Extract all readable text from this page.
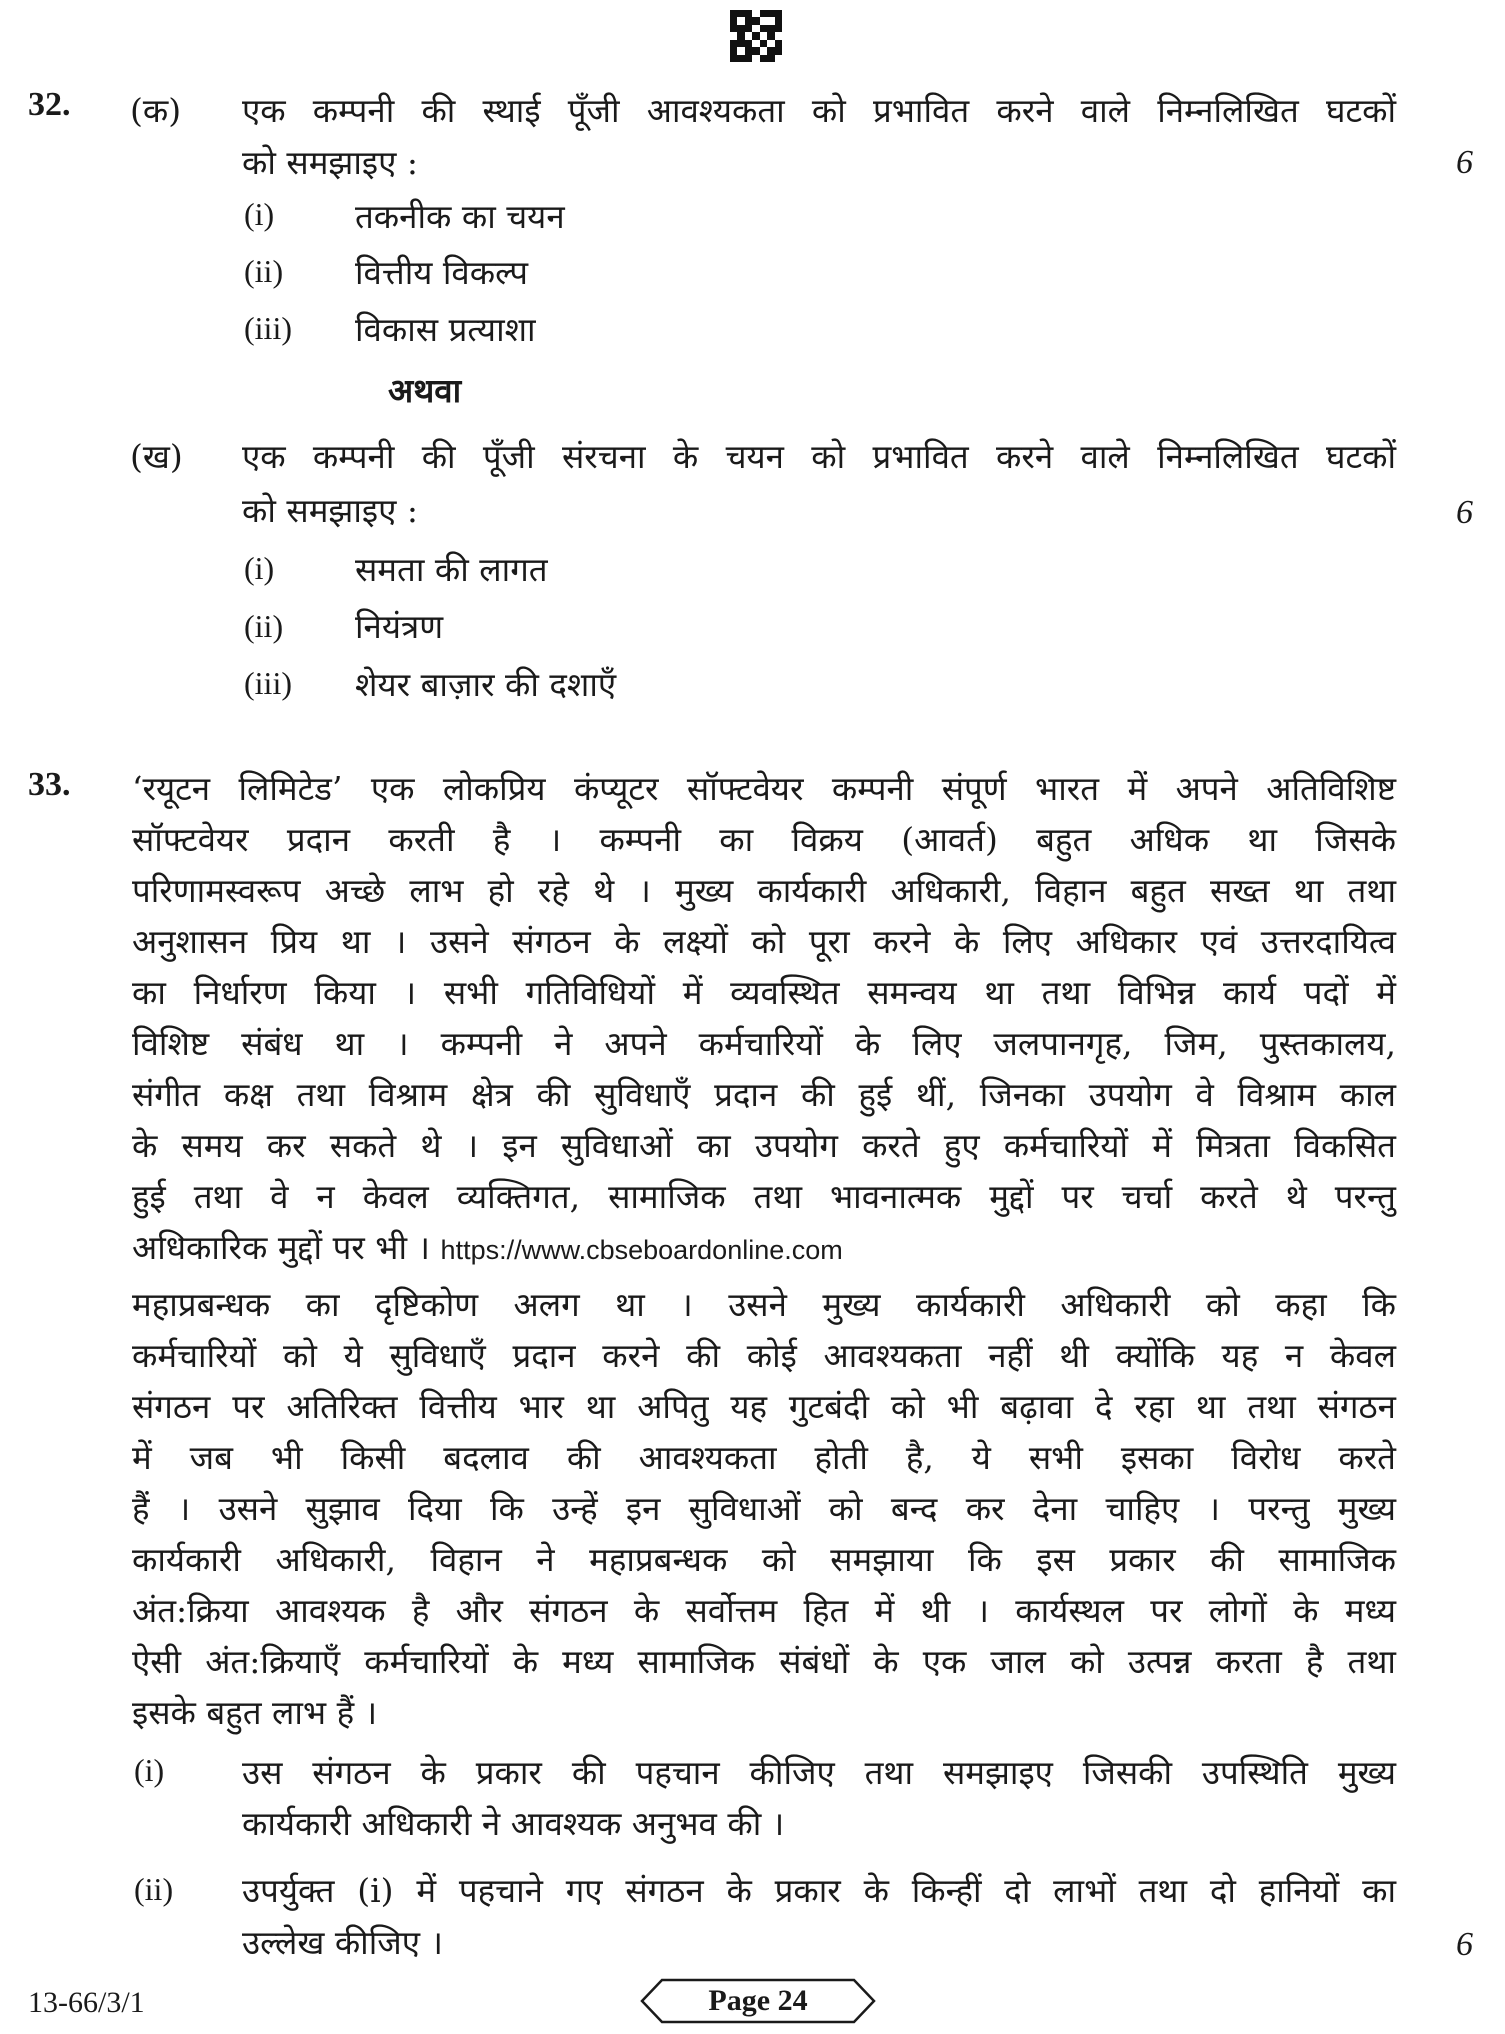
32. (क) एक कम्पनी की स्थाई पूँजी आवश्यकता को प्रभावित करने वाले निम्नलिखित घटकों
को समझाइए :	6
(i) तकनीक का चयन
(ii) वित्तीय विकल्प
(iii) विकास प्रत्याशा
अथवा
(ख) एक कम्पनी की पूँजी संरचना के चयन को प्रभावित करने वाले निम्नलिखित घटकों
को समझाइए :	6
(i) समता की लागत
(ii) नियंत्रण
(iii) शेयर बाज़ार की दशाएँ
33. ‘रयूटन लिमिटेड’ एक लोकप्रिय कंप्यूटर सॉफ्टवेयर कम्पनी संपूर्ण भारत में अपने अतिविशिष्ट
सॉफ्टवेयर प्रदान करती है । कम्पनी का विक्रय (आवर्त) बहुत अधिक था जिसके
परिणामस्वरूप अच्छे लाभ हो रहे थे । मुख्य कार्यकारी अधिकारी, विहान बहुत सख्त था तथा
अनुशासन प्रिय था । उसने संगठन के लक्ष्यों को पूरा करने के लिए अधिकार एवं उत्तरदायित्व
का निर्धारण किया । सभी गतिविधियों में व्यवस्थित समन्वय था तथा विभिन्न कार्य पदों में
विशिष्ट संबंध था । कम्पनी ने अपने कर्मचारियों के लिए जलपानगृह, जिम, पुस्तकालय,
संगीत कक्ष तथा विश्राम क्षेत्र की सुविधाएँ प्रदान की हुई थीं, जिनका उपयोग वे विश्राम काल
के समय कर सकते थे । इन सुविधाओं का उपयोग करते हुए कर्मचारियों में मित्रता विकसित
हुई तथा वे न केवल व्यक्तिगत, सामाजिक तथा भावनात्मक मुद्दों पर चर्चा करते थे परन्तु
अधिकारिक मुद्दों पर भी । https://www.cbseboardonline.com
महाप्रबन्धक का दृष्टिकोण अलग था । उसने मुख्य कार्यकारी अधिकारी को कहा कि
कर्मचारियों को ये सुविधाएँ प्रदान करने की कोई आवश्यकता नहीं थी क्योंकि यह न केवल
संगठन पर अतिरिक्त वित्तीय भार था अपितु यह गुटबंदी को भी बढ़ावा दे रहा था तथा संगठन
में जब भी किसी बदलाव की आवश्यकता होती है, ये सभी इसका विरोध करते
हैं । उसने सुझाव दिया कि उन्हें इन सुविधाओं को बन्द कर देना चाहिए । परन्तु मुख्य
कार्यकारी अधिकारी, विहान ने महाप्रबन्धक को समझाया कि इस प्रकार की सामाजिक
अंत:क्रिया आवश्यक है और संगठन के सर्वोत्तम हित में थी । कार्यस्थल पर लोगों के मध्य
ऐसी अंत:क्रियाएँ कर्मचारियों के मध्य सामाजिक संबंधों के एक जाल को उत्पन्न करता है तथा
इसके बहुत लाभ हैं ।
(i) उस संगठन के प्रकार की पहचान कीजिए तथा समझाइए जिसकी उपस्थिति मुख्य
कार्यकारी अधिकारी ने आवश्यक अनुभव की ।
(ii) उपर्युक्त (i) में पहचाने गए संगठन के प्रकार के किन्हीं दो लाभों तथा दो हानियों का
उल्लेख कीजिए ।	6
13-66/3/1	Page 24
